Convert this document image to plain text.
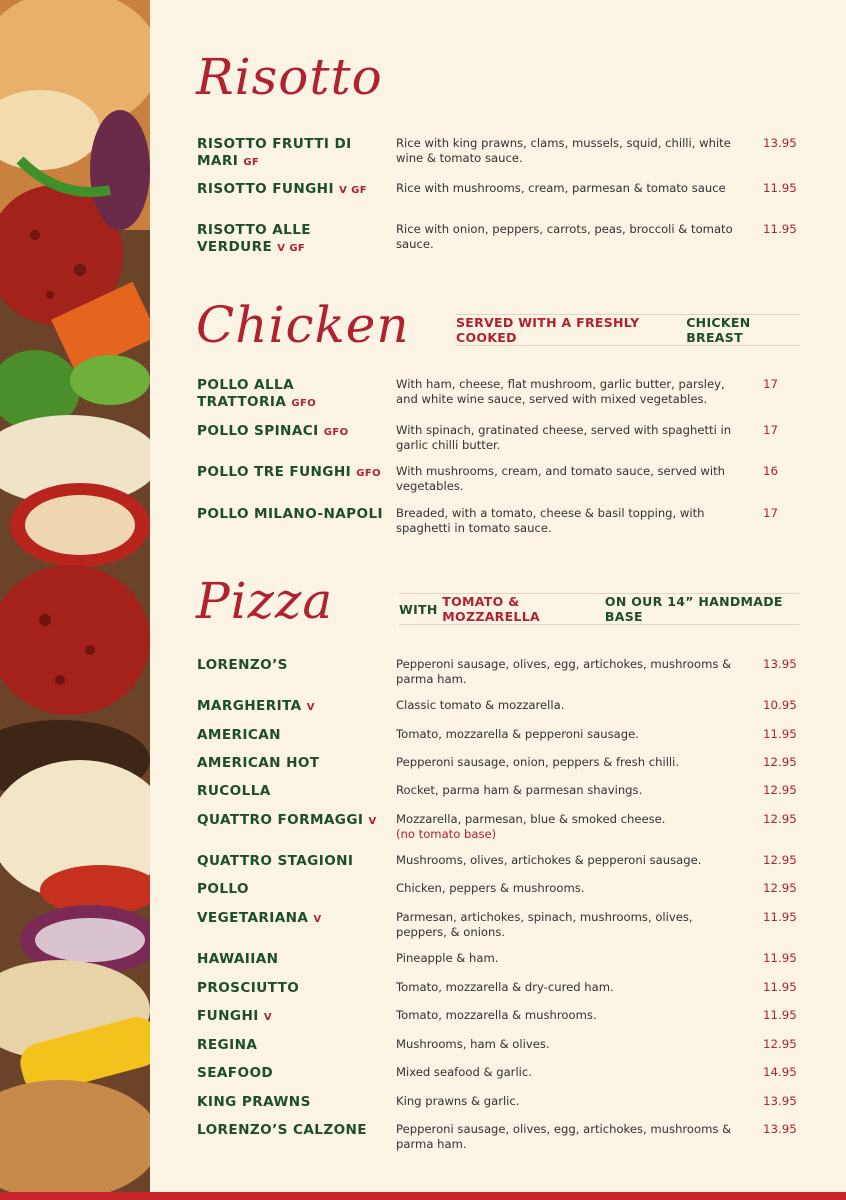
Risotto
RISOTTO FRUTTI DI MARI GF
Rice with king prawns, clams, mussels, squid, chilli, white wine & tomato sauce.
13.95
RISOTTO FUNGHI V GF	Rice with mushrooms, cream, parmesan & tomato sauce	11.95
RISOTTO ALLE VERDURE V GF
Rice with onion, peppers, carrots, peas, broccoli & tomato sauce.
11.95
Chicken	SERVED WITH A FRESHLY COOKED

CHICKEN BREAST
POLLO ALLA TRATTORIA GFO
With ham, cheese, flat mushroom, garlic butter, parsley, and white wine sauce, served with mixed vegetables.
17
POLLO SPINACI GFO	With spinach, gratinated cheese, served with spaghetti in garlic chilli butter.
17
POLLO TRE FUNGHI GFO	With mushrooms, cream, and tomato sauce, served with vegetables.
16
POLLO MILANO-NAPOLI	Breaded, with a tomato, cheese & basil topping, with spaghetti in tomato sauce.
17
Pizza	WITH
TOMATO & MOZZARELLA

ON OUR 14” HANDMADE BASE
LORENZO’S	Pepperoni sausage, olives, egg, artichokes, mushrooms & parma ham.
13.95
MARGHERITA V	Classic tomato & mozzarella.	10.95
AMERICAN	Tomato, mozzarella & pepperoni sausage.	11.95
AMERICAN HOT	Pepperoni sausage, onion, peppers & fresh chilli.	12.95
RUCOLLA	Rocket, parma ham & parmesan shavings.	12.95
QUATTRO FORMAGGI V	Mozzarella, parmesan, blue & smoked cheese.
(no tomato base)
12.95
QUATTRO STAGIONI	Mushrooms, olives, artichokes & pepperoni sausage.	12.95
POLLO	Chicken, peppers & mushrooms.	12.95
VEGETARIANA V	Parmesan, artichokes, spinach, mushrooms, olives, peppers, & onions.
11.95
HAWAIIAN	Pineapple & ham.	11.95
PROSCIUTTO	Tomato, mozzarella & dry-cured ham.	11.95
FUNGHI V	Tomato, mozzarella & mushrooms.	11.95
REGINA	Mushrooms, ham & olives.	12.95
SEAFOOD	Mixed seafood & garlic.	14.95
KING PRAWNS	King prawns & garlic.	13.95
LORENZO’S CALZONE	Pepperoni sausage, olives, egg, artichokes, mushrooms & parma ham.
13.95
